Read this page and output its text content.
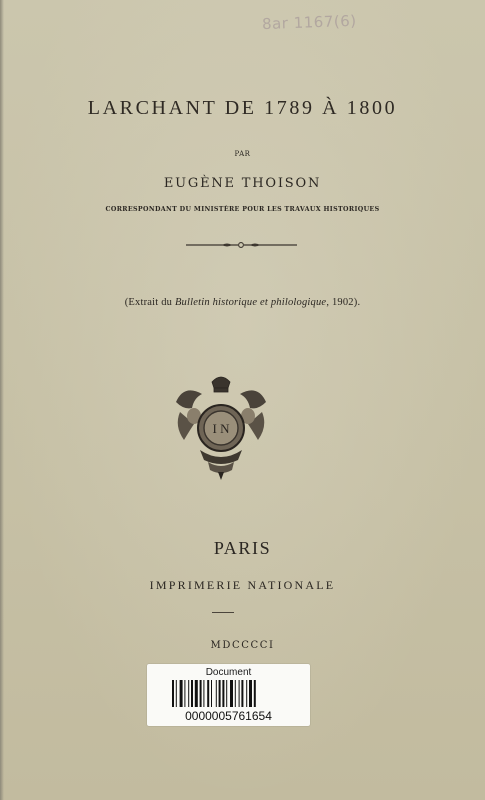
8ar 1167(6)
LARCHANT DE 1789 À 1800
PAR
EUGÈNE THOISON
CORRESPONDANT DU MINISTÈRE POUR LES TRAVAUX HISTORIQUES
(Extrait du Bulletin historique et philologique, 1902).
I N
PARIS
IMPRIMERIE NATIONALE
MDCCCCI
Document
0000005761654
